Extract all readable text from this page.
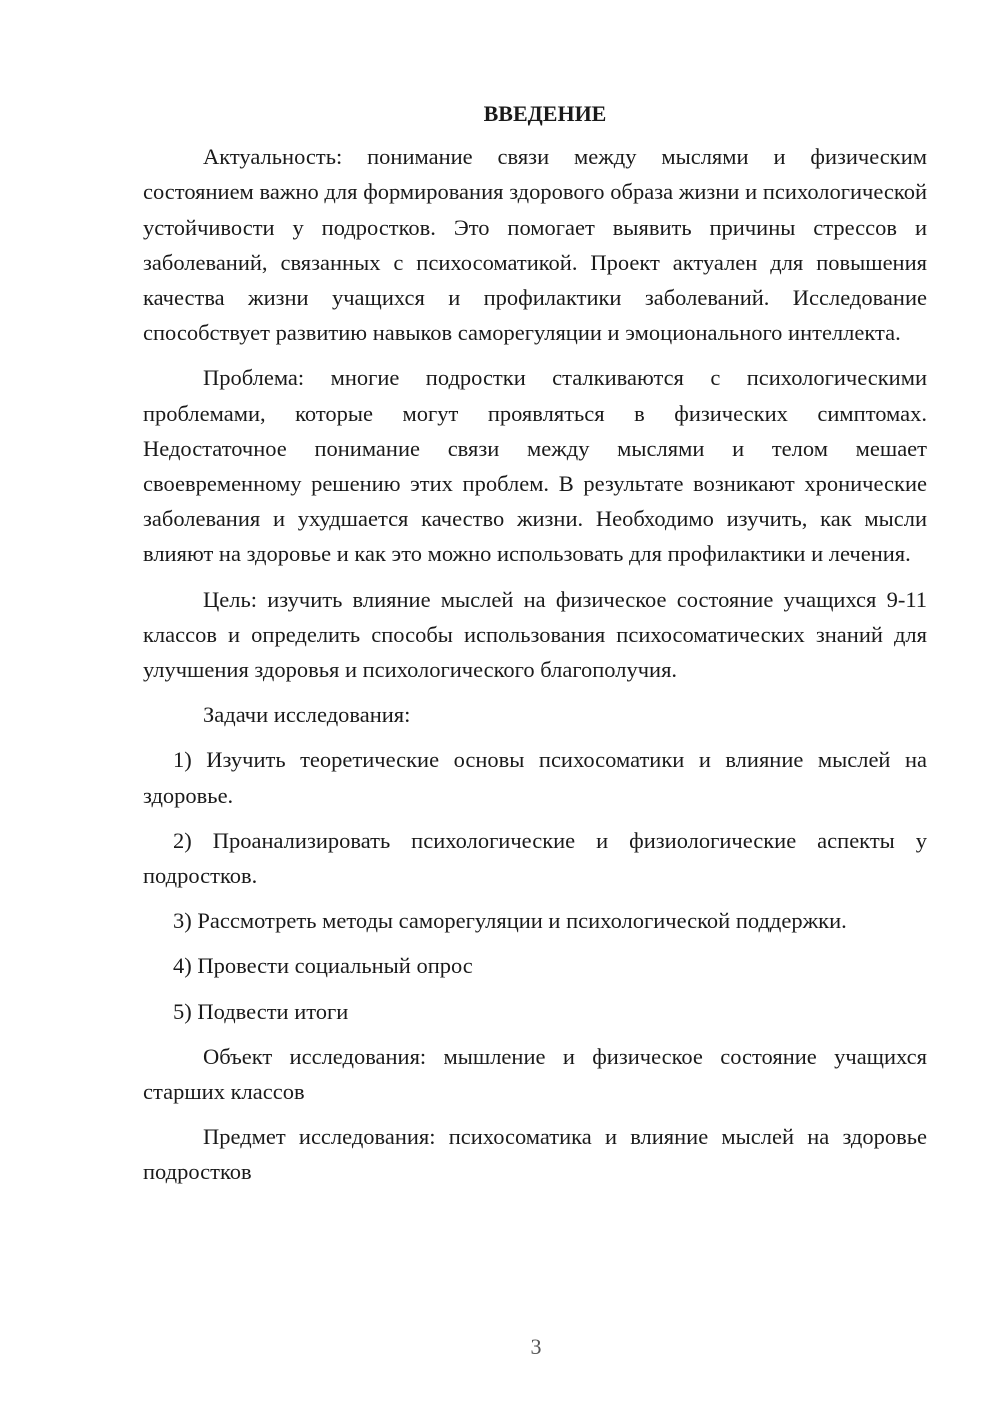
ВВЕДЕНИЕ

Актуальность: понимание связи между мыслями и физическим состоянием важно для формирования здорового образа жизни и психологической устойчивости у подростков. Это помогает выявить причины стрессов и заболеваний, связанных с психосоматикой. Проект актуален для повышения качества жизни учащихся и профилактики заболеваний. Исследование способствует развитию навыков саморегуляции и эмоционального интеллекта.

Проблема: многие подростки сталкиваются с психологическими проблемами, которые могут проявляться в физических симптомах. Недостаточное понимание связи между мыслями и телом мешает своевременному решению этих проблем. В результате возникают хронические заболевания и ухудшается качество жизни. Необходимо изучить, как мысли влияют на здоровье и как это можно использовать для профилактики и лечения.

Цель: изучить влияние мыслей на физическое состояние учащихся 9-11 классов и определить способы использования психосоматических знаний для улучшения здоровья и психологического благополучия.

Задачи исследования:

1) Изучить теоретические основы психосоматики и влияние мыслей на здоровье.

2) Проанализировать психологические и физиологические аспекты у подростков.

3) Рассмотреть методы саморегуляции и психологической поддержки.

4) Провести социальный опрос

5) Подвести итоги

Объект исследования: мышление и физическое состояние учащихся старших классов

Предмет исследования: психосоматика и влияние мыслей на здоровье подростков

3
